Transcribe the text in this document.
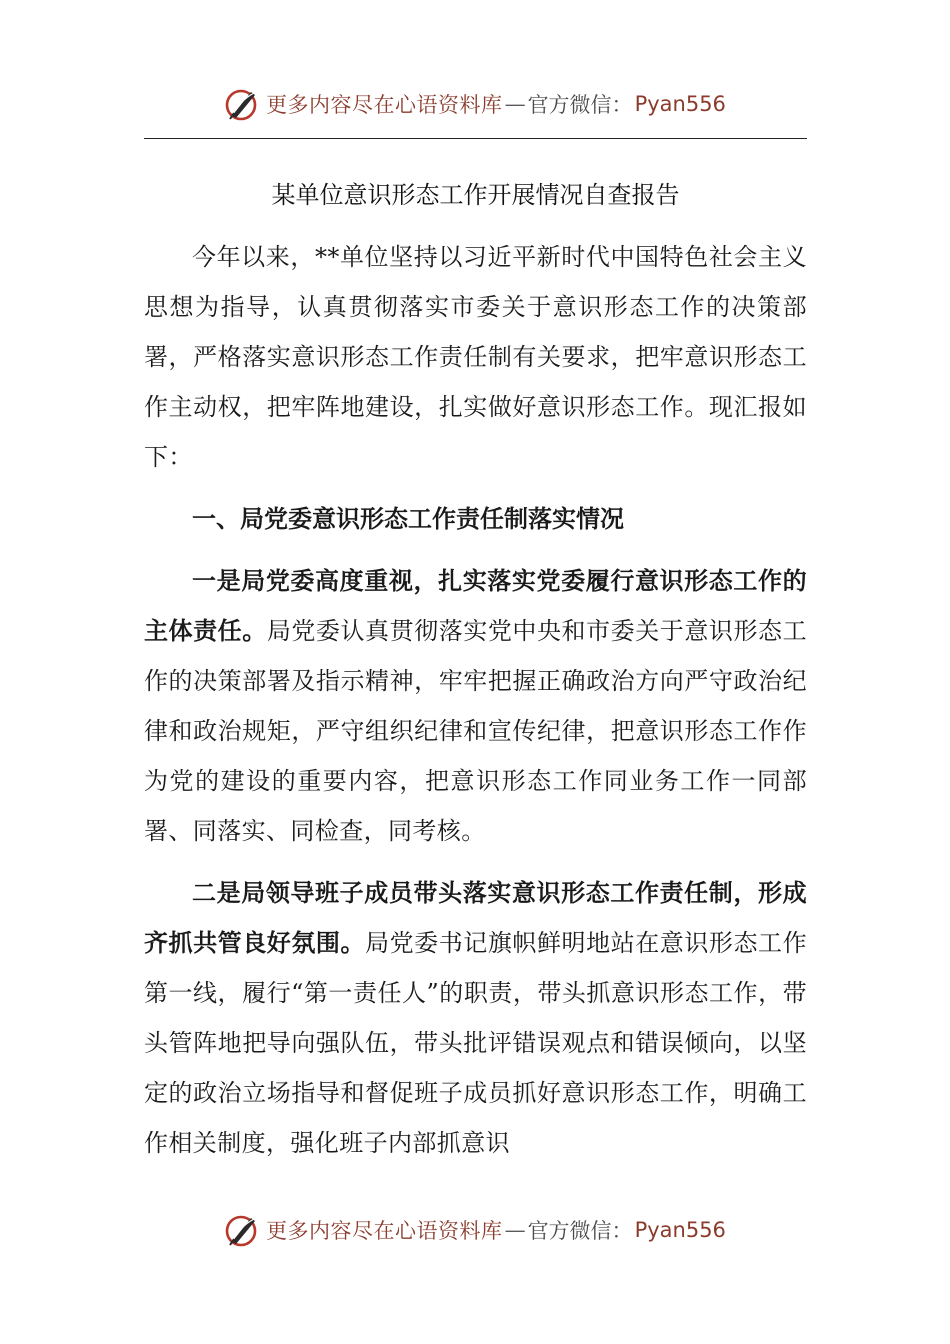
更多内容尽在心语资料库 — 官方微信： Pyan556
某单位意识形态工作开展情况自查报告

今年以来，**单位坚持以习近平新时代中国特色社会主义思想为指导，认真贯彻落实市委关于意识形态工作的决策部署，严格落实意识形态工作责任制有关要求，把牢意识形态工作主动权，把牢阵地建设，扎实做好意识形态工作。现汇报如下：

一、局党委意识形态工作责任制落实情况

一是局党委高度重视，扎实落实党委履行意识形态工作的主体责任。局党委认真贯彻落实党中央和市委关于意识形态工作的决策部署及指示精神，牢牢把握正确政治方向严守政治纪律和政治规矩，严守组织纪律和宣传纪律，把意识形态工作作为党的建设的重要内容，把意识形态工作同业务工作一同部署、同落实、同检查，同考核。

二是局领导班子成员带头落实意识形态工作责任制，形成齐抓共管良好氛围。局党委书记旗帜鲜明地站在意识形态工作第一线，履行“第一责任人”的职责，带头抓意识形态工作，带头管阵地把导向强队伍，带头批评错误观点和错误倾向，以坚定的政治立场指导和督促班子成员抓好意识形态工作，明确工作相关制度，强化班子内部抓意识

更多内容尽在心语资料库 — 官方微信： Pyan556
